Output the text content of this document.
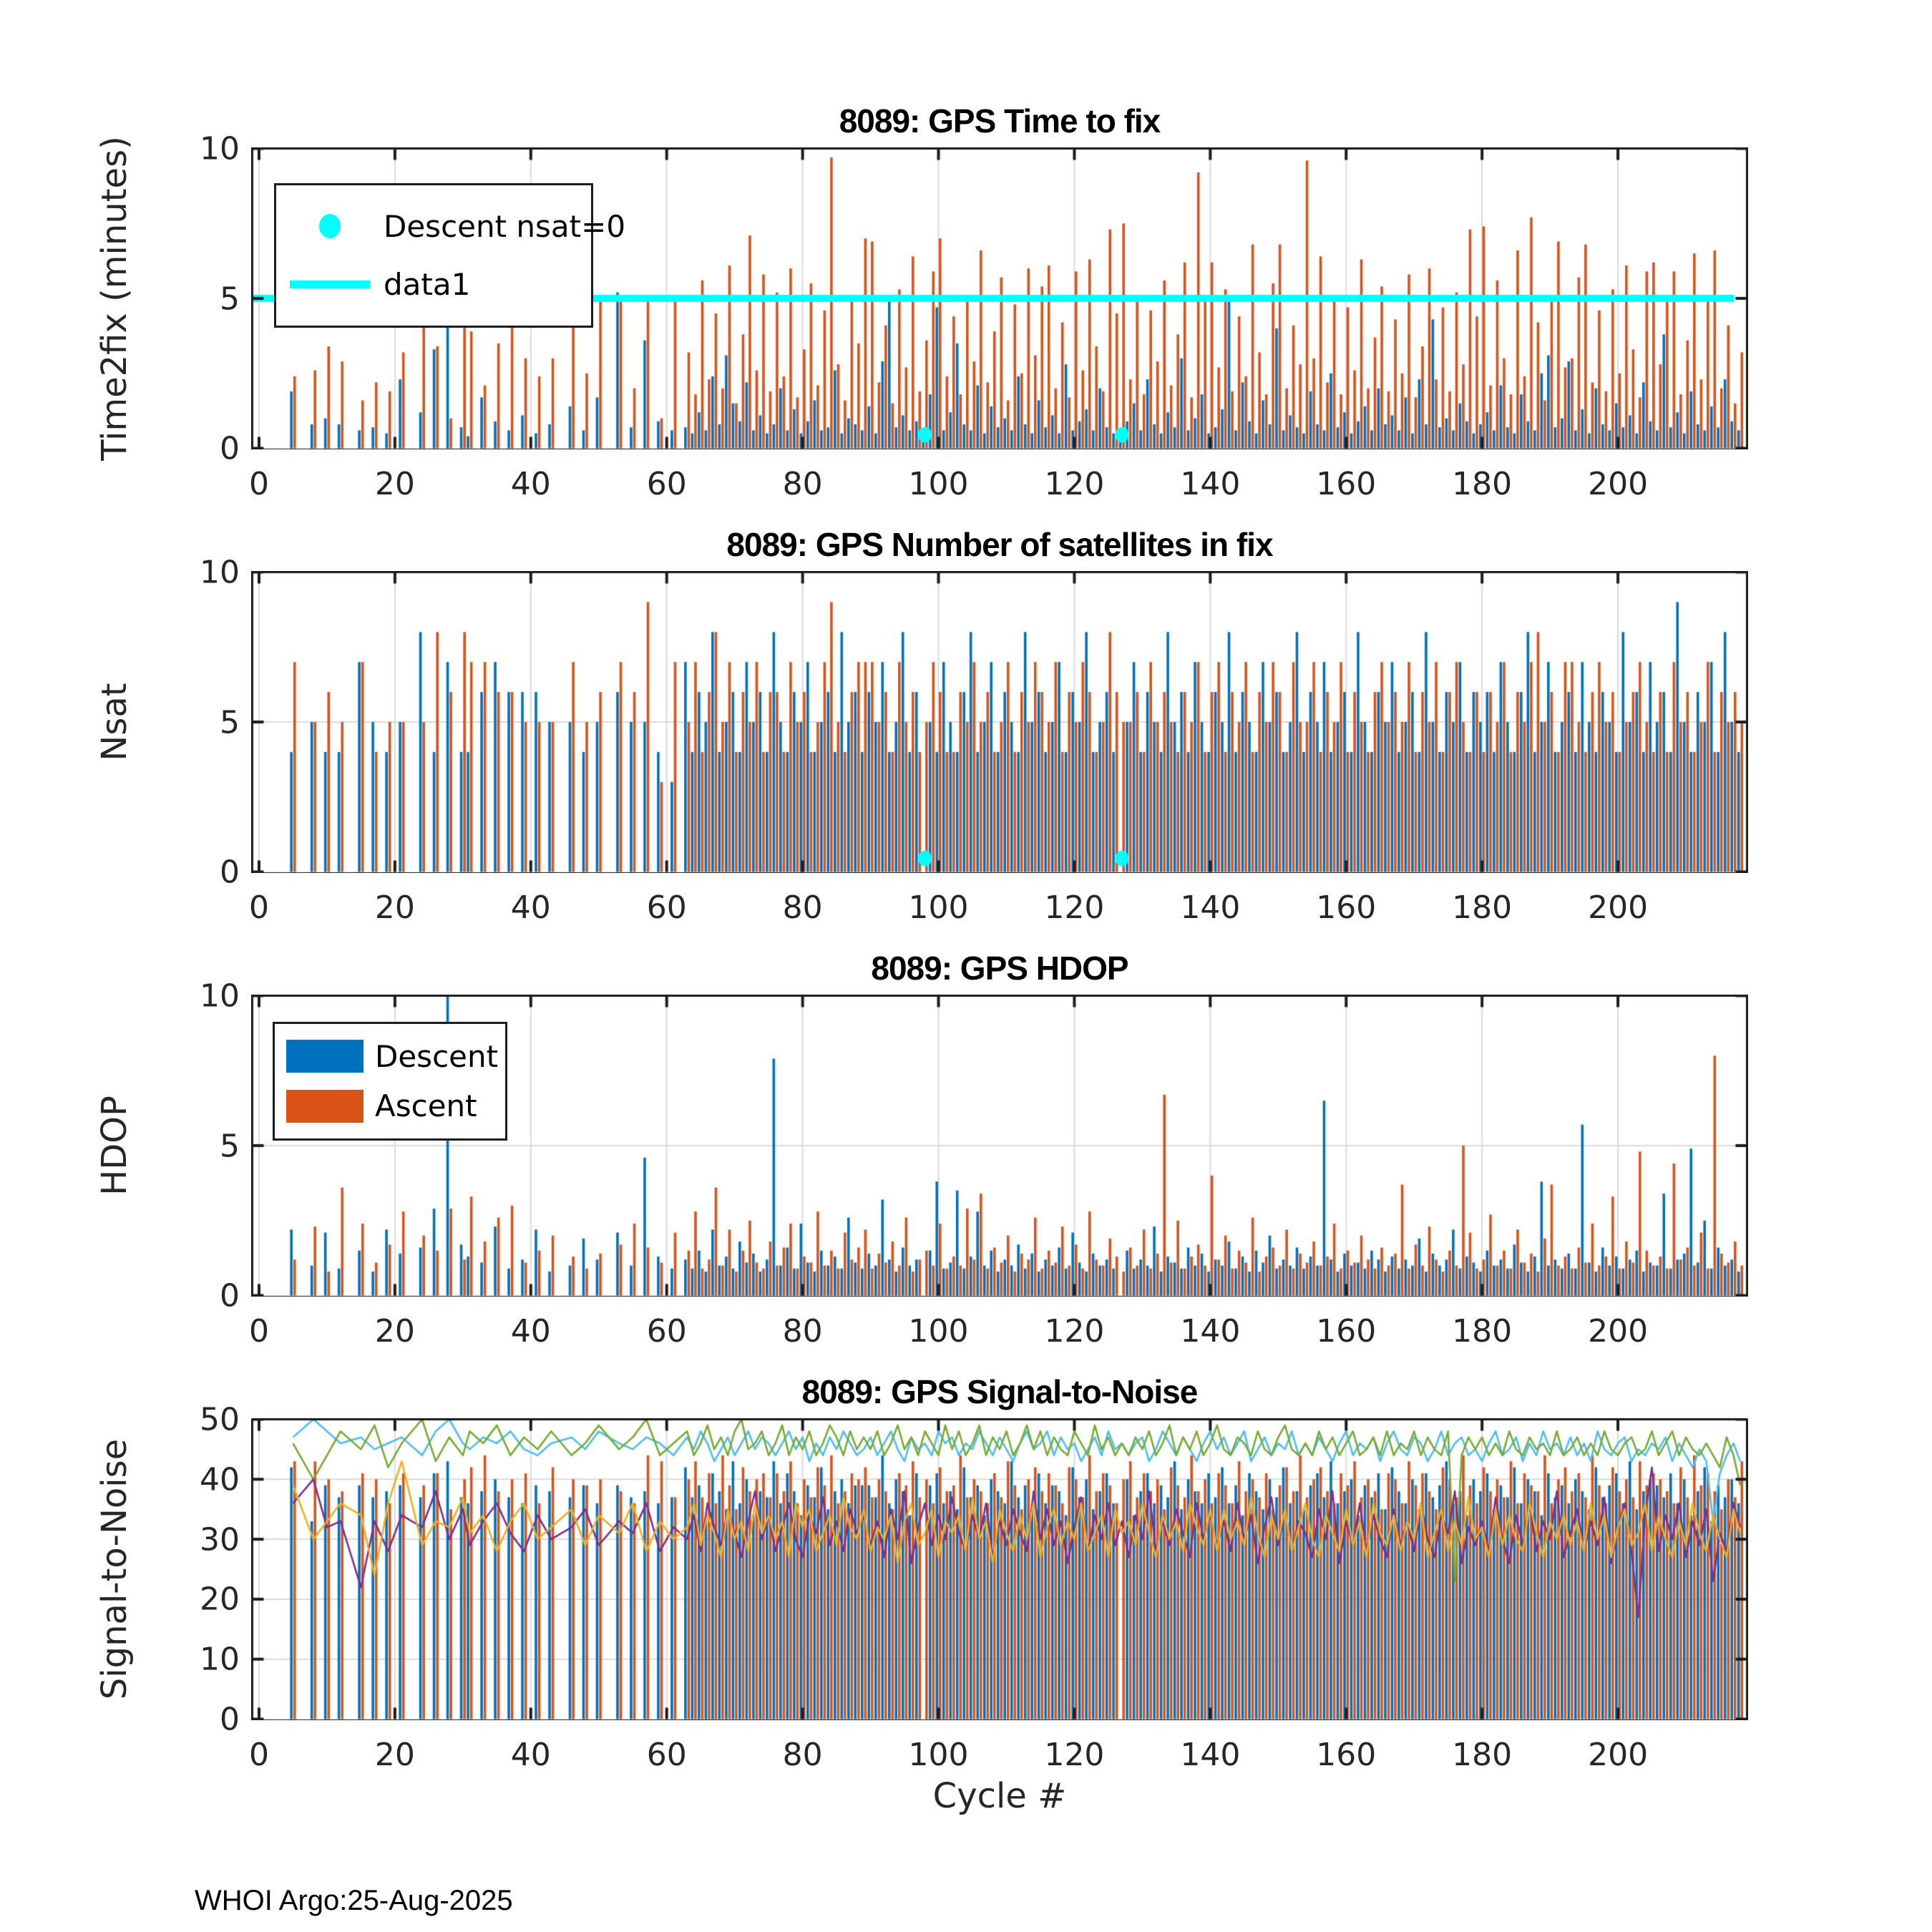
8089: GPS Time to fix
Time2fix (minutes)	Descent nsat=0
data1
8089: GPS Number of satellites in fix
Nsat
8089: GPS HDOP
HDOP
Descent
Ascent
8089: GPS Signal-to-Noise
Signal-to-Noise
Cycle #
WHOI Argo:25-Aug-2025
0	20	40	60	80	100 120 140 160 180 200
0
5
10
0	20	40	60	80	100 120 140 160 180 200
0
5
10
0	20	40	60	80	100 120 140 160 180 200
0
5
10
0	20	40	60	80	100 120 140 160 180 200
0
10
20
30
40
50
